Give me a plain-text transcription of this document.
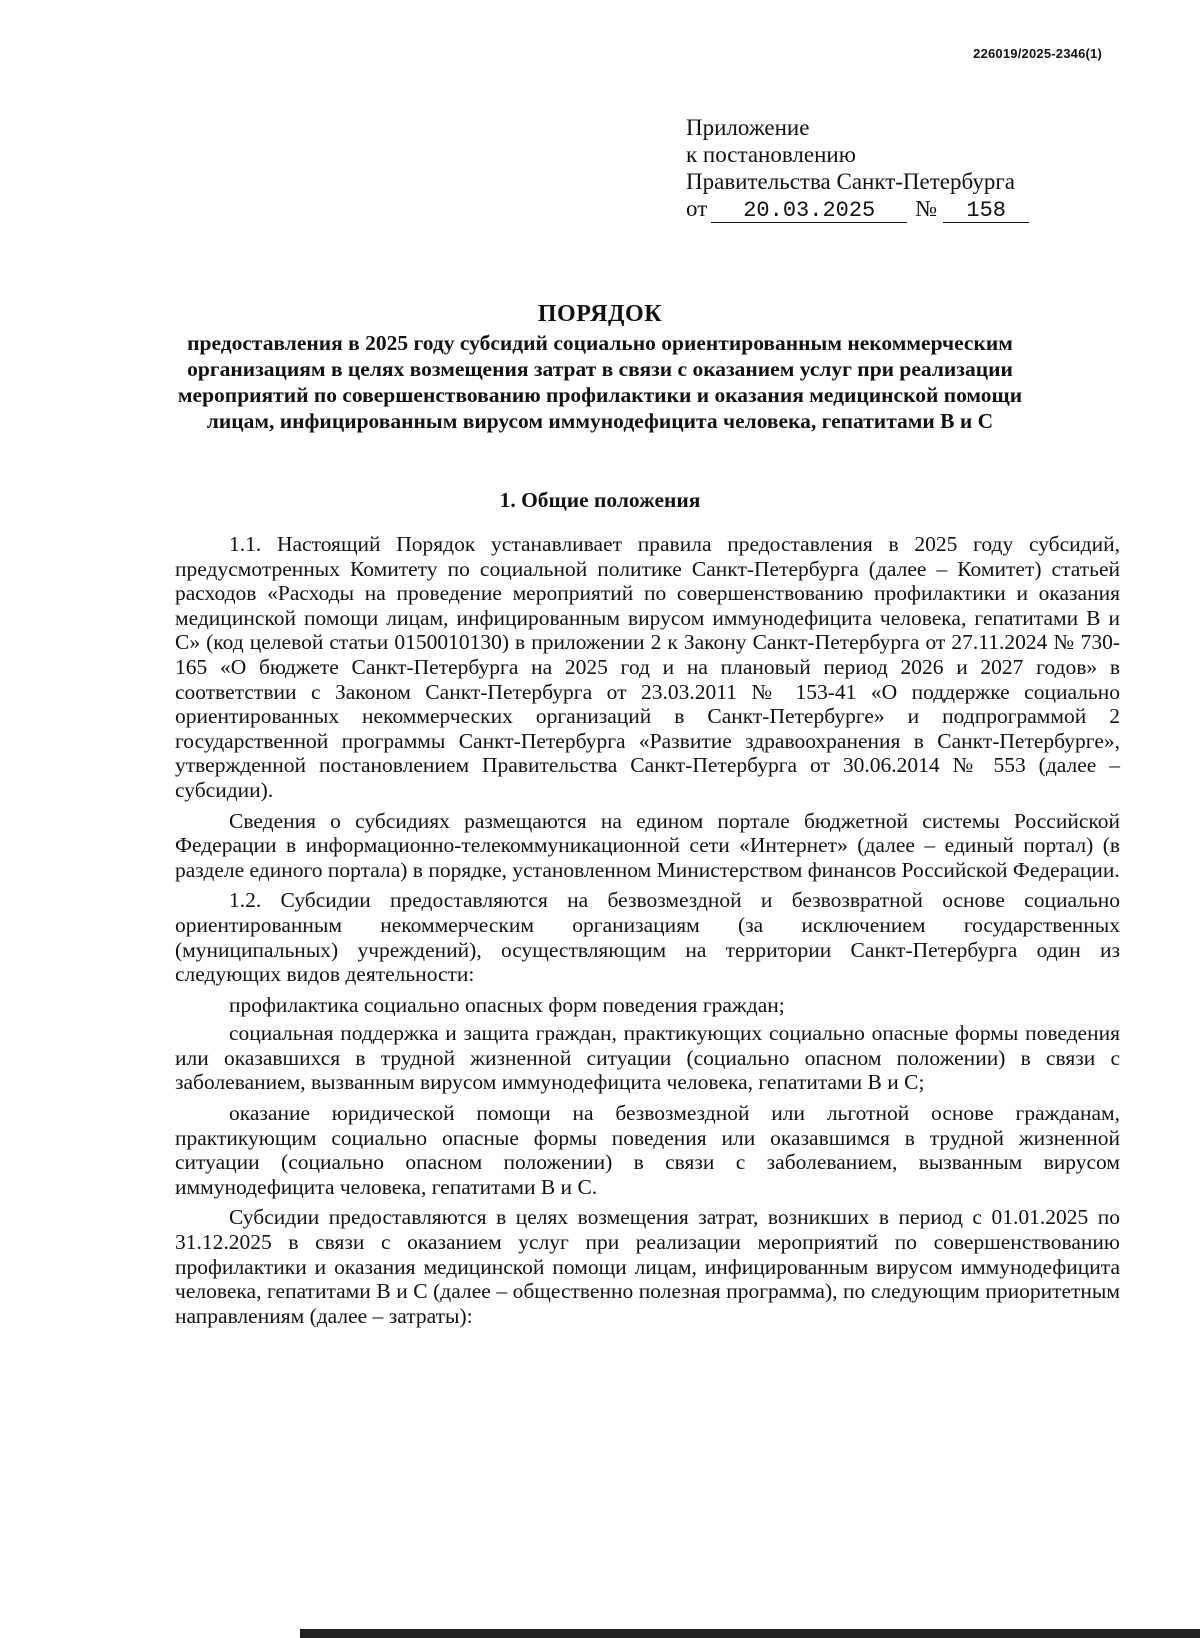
226019/2025-2346(1)
Приложение
к постановлению
Правительства Санкт-Петербурга
от 20.03.2025 № 158
ПОРЯДОК
предоставления в 2025 году субсидий социально ориентированным некоммерческим организациям в целях возмещения затрат в связи с оказанием услуг при реализации мероприятий по совершенствованию профилактики и оказания медицинской помощи лицам, инфицированным вирусом иммунодефицита человека, гепатитами В и С
1. Общие положения

1.1. Настоящий Порядок устанавливает правила предоставления в 2025 году субсидий, предусмотренных Комитету по социальной политике Санкт-Петербурга (далее – Комитет) статьей расходов «Расходы на проведение мероприятий по совершенствованию профилактики и оказания медицинской помощи лицам, инфицированным вирусом иммунодефицита человека, гепатитами В и С» (код целевой статьи 0150010130) в приложении 2 к Закону Санкт-Петербурга от 27.11.2024 № 730-165 «О бюджете Санкт-Петербурга на 2025 год и на плановый период 2026 и 2027 годов» в соответствии с Законом Санкт-Петербурга от 23.03.2011 № 153-41 «О поддержке социально ориентированных некоммерческих организаций в Санкт-Петербурге» и подпрограммой 2 государственной программы Санкт-Петербурга «Развитие здравоохранения в Санкт-Петербурге», утвержденной постановлением Правительства Санкт-Петербурга от 30.06.2014 № 553 (далее – субсидии).

Сведения о субсидиях размещаются на едином портале бюджетной системы Российской Федерации в информационно-телекоммуникационной сети «Интернет» (далее – единый портал) (в разделе единого портала) в порядке, установленном Министерством финансов Российской Федерации.

1.2. Субсидии предоставляются на безвозмездной и безвозвратной основе социально ориентированным некоммерческим организациям (за исключением государственных (муниципальных) учреждений), осуществляющим на территории Санкт-Петербурга один из следующих видов деятельности:

профилактика социально опасных форм поведения граждан;

социальная поддержка и защита граждан, практикующих социально опасные формы поведения или оказавшихся в трудной жизненной ситуации (социально опасном положении) в связи с заболеванием, вызванным вирусом иммунодефицита человека, гепатитами В и С;

оказание юридической помощи на безвозмездной или льготной основе гражданам, практикующим социально опасные формы поведения или оказавшимся в трудной жизненной ситуации (социально опасном положении) в связи с заболеванием, вызванным вирусом иммунодефицита человека, гепатитами В и С.

Субсидии предоставляются в целях возмещения затрат, возникших в период с 01.01.2025 по 31.12.2025 в связи с оказанием услуг при реализации мероприятий по совершенствованию профилактики и оказания медицинской помощи лицам, инфицированным вирусом иммунодефицита человека, гепатитами В и С (далее – общественно полезная программа), по следующим приоритетным направлениям (далее – затраты):
